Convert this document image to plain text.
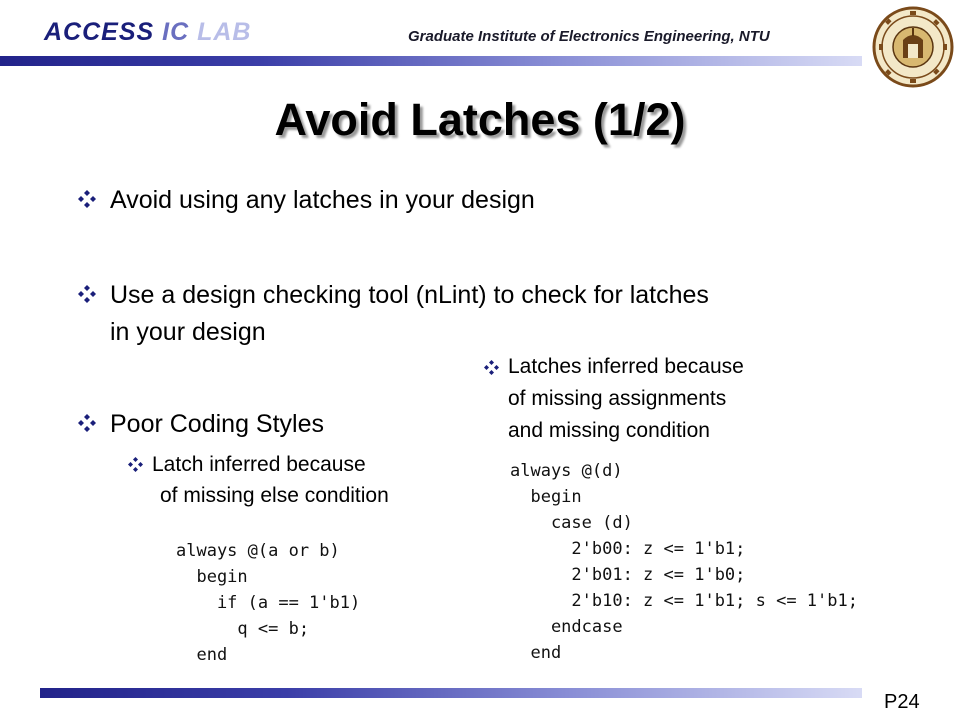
ACCESS IC LAB	Graduate Institute of Electronics Engineering, NTU
Avoid Latches (1/2)
Avoid using any latches in your design
Use a design checking tool (nLint) to check for latches
in your design
Poor Coding Styles
Latch inferred because
of missing else condition
Latches inferred because
of missing assignments
and missing condition
always @(a or b)
begin
if (a == 1'b1)
q <= b;
end
always @(d)
begin
case (d)
2'b00: z <= 1'b1;
2'b01: z <= 1'b0;
2'b10: z <= 1'b1; s <= 1'b1;
endcase
end
P24
